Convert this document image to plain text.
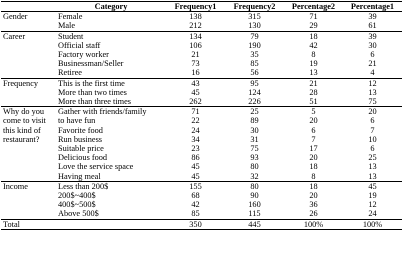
	Category	Frequency1	Frequency2	Percentage2	Percentage1
Gender	Female	138	315	71	39
	Male	212	130	29	61
Career	Student	134	79	18	39
	Official staff	106	190	42	30
	Factory worker	21	35	8	6
	Businessman/Seller	73	85	19	21
	Retiree	16	56	13	4
Frequency	This is the first time	43	95	21	12
	More than two times	45	124	28	13
	More than three times	262	226	51	75
Why do you come to visit this kind of restaurant?	Gather with friends/family	71	25	5	20
	to have fun	22	89	20	6
	Favorite food	24	30	6	7
	Run business	34	31	7	10
	Suitable price	23	75	17	6
	Delicious food	86	93	20	25
	Love the service space	45	80	18	13
	Having meal	45	32	8	13
Income	Less than 200$	155	80	18	45
	200$~400$	68	90	20	19
	400$~500$	42	160	36	12
	Above 500$	85	115	26	24
Total		350	445	100%	100%
